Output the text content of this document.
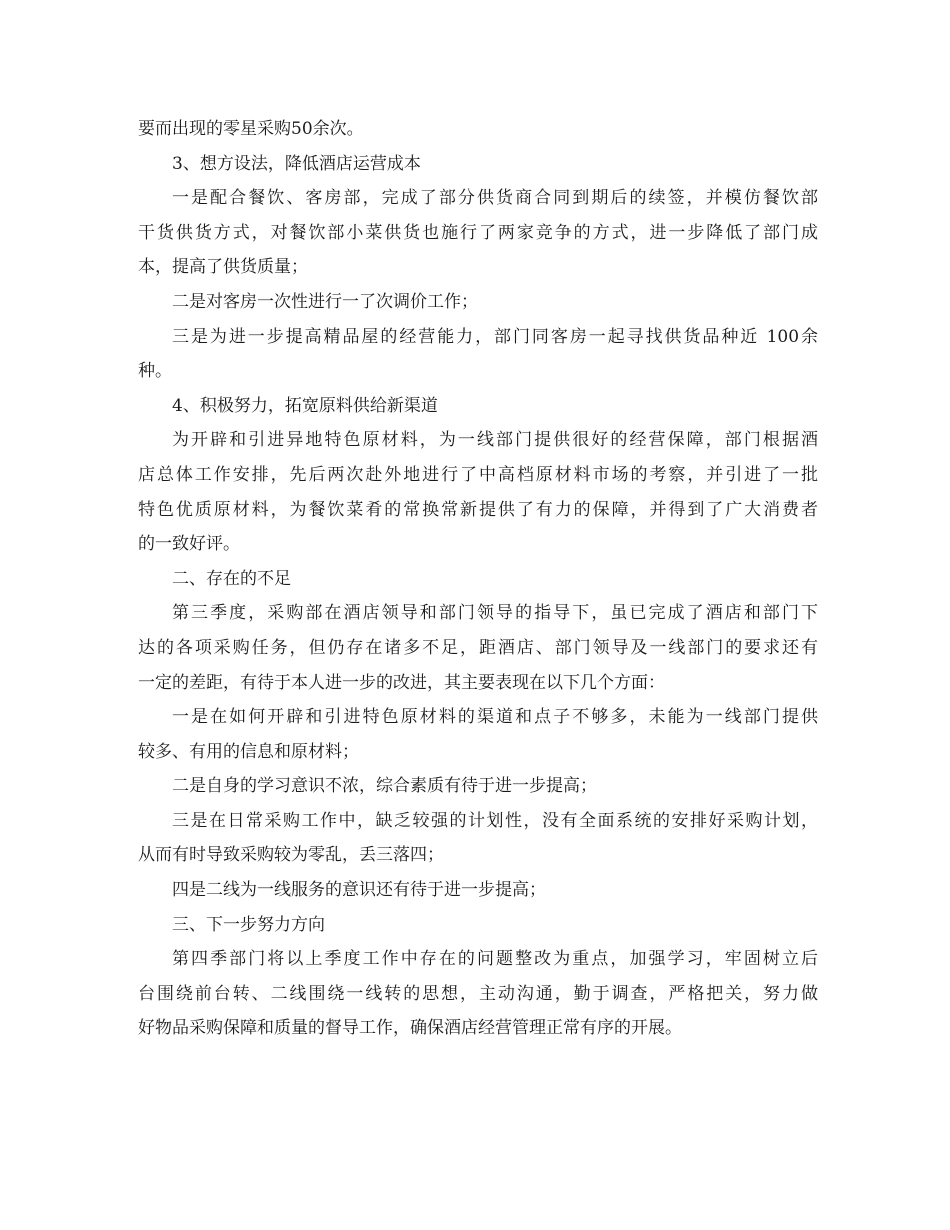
要而出现的零星采购50余次。
3、想方设法，降低酒店运营成本
一是配合餐饮、客房部，完成了部分供货商合同到期后的续签，并模仿餐饮部
干货供货方式，对餐饮部小菜供货也施行了两家竞争的方式，进一步降低了部门成
本，提高了供货质量；
二是对客房一次性进行一了次调价工作；
三是为进一步提高精品屋的经营能力，部门同客房一起寻找供货品种近 100余
种。
4、积极努力，拓宽原料供给新渠道
为开辟和引进异地特色原材料，为一线部门提供很好的经营保障，部门根据酒
店总体工作安排，先后两次赴外地进行了中高档原材料市场的考察，并引进了一批
特色优质原材料，为餐饮菜肴的常换常新提供了有力的保障，并得到了广大消费者
的一致好评。
二、存在的不足
第三季度，采购部在酒店领导和部门领导的指导下，虽已完成了酒店和部门下
达的各项采购任务，但仍存在诸多不足，距酒店、部门领导及一线部门的要求还有
一定的差距，有待于本人进一步的改进，其主要表现在以下几个方面：
一是在如何开辟和引进特色原材料的渠道和点子不够多，未能为一线部门提供
较多、有用的信息和原材料；
二是自身的学习意识不浓，综合素质有待于进一步提高；
三是在日常采购工作中，缺乏较强的计划性，没有全面系统的安排好采购计划，
从而有时导致采购较为零乱，丢三落四；
四是二线为一线服务的意识还有待于进一步提高；
三、下一步努力方向
第四季部门将以上季度工作中存在的问题整改为重点，加强学习，牢固树立后
台围绕前台转、二线围绕一线转的思想，主动沟通，勤于调查，严格把关，努力做
好物品采购保障和质量的督导工作，确保酒店经营管理正常有序的开展。
